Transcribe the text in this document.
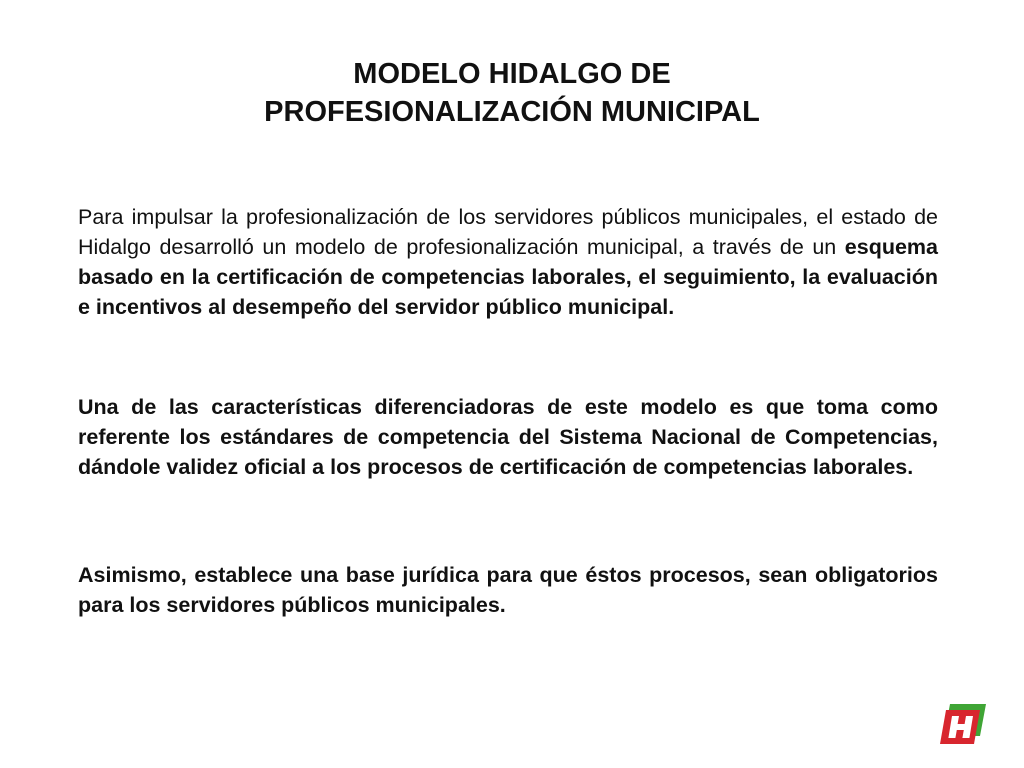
MODELO HIDALGO DE
PROFESIONALIZACIÓN MUNICIPAL
Para impulsar la profesionalización de los servidores públicos municipales, el estado de Hidalgo desarrolló un modelo de profesionalización municipal, a través de un esquema basado en la certificación de competencias laborales, el seguimiento, la evaluación e incentivos al desempeño del servidor público municipal.
Una de las características diferenciadoras de este modelo es que toma como referente los estándares de competencia del Sistema Nacional de Competencias, dándole validez oficial a los procesos de certificación de competencias laborales.
Asimismo, establece una base jurídica para que éstos procesos, sean obligatorios para los servidores públicos municipales.
